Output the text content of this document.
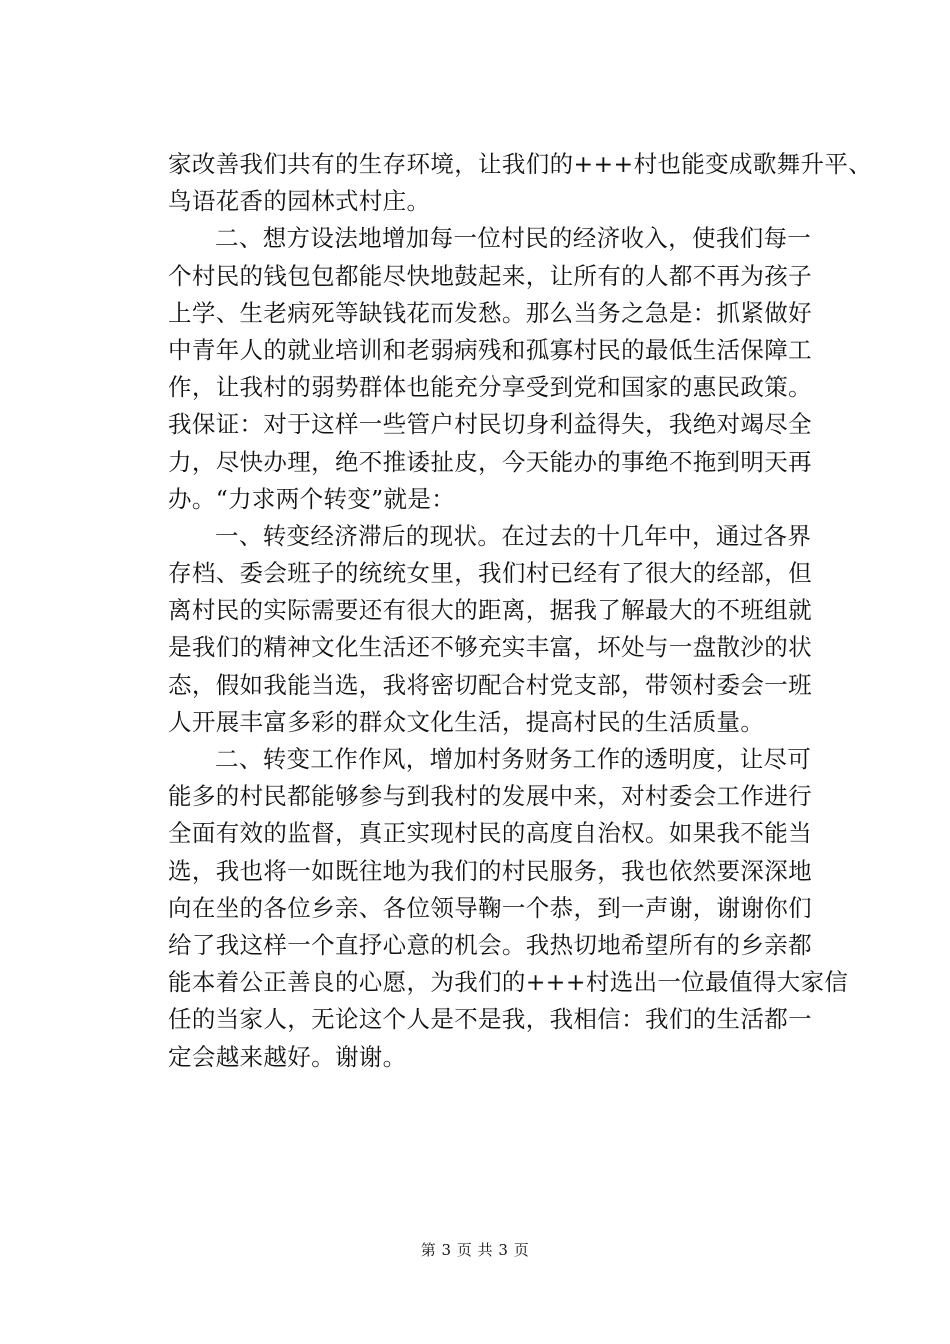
家改善我们共有的生存环境，让我们的+++村也能变成歌舞升平、
鸟语花香的园林式村庄。
二、想方设法地增加每一位村民的经济收入，使我们每一
个村民的钱包包都能尽快地鼓起来，让所有的人都不再为孩子
上学、生老病死等缺钱花而发愁。那么当务之急是：抓紧做好
中青年人的就业培训和老弱病残和孤寡村民的最低生活保障工
作，让我村的弱势群体也能充分享受到党和国家的惠民政策。
我保证：对于这样一些管户村民切身利益得失，我绝对竭尽全
力，尽快办理，绝不推诿扯皮，今天能办的事绝不拖到明天再
办。“力求两个转变”就是：
一、转变经济滞后的现状。在过去的十几年中，通过各界
存档、委会班子的统统女里，我们村已经有了很大的经部，但
离村民的实际需要还有很大的距离，据我了解最大的不班组就
是我们的精神文化生活还不够充实丰富，坏处与一盘散沙的状
态，假如我能当选，我将密切配合村党支部，带领村委会一班
人开展丰富多彩的群众文化生活，提高村民的生活质量。
二、转变工作作风，增加村务财务工作的透明度，让尽可
能多的村民都能够参与到我村的发展中来，对村委会工作进行
全面有效的监督，真正实现村民的高度自治权。如果我不能当
选，我也将一如既往地为我们的村民服务，我也依然要深深地
向在坐的各位乡亲、各位领导鞠一个恭，到一声谢，谢谢你们
给了我这样一个直抒心意的机会。我热切地希望所有的乡亲都
能本着公正善良的心愿，为我们的+++村选出一位最值得大家信
任的当家人，无论这个人是不是我，我相信：我们的生活都一
定会越来越好。谢谢。
第 3 页 共 3 页
